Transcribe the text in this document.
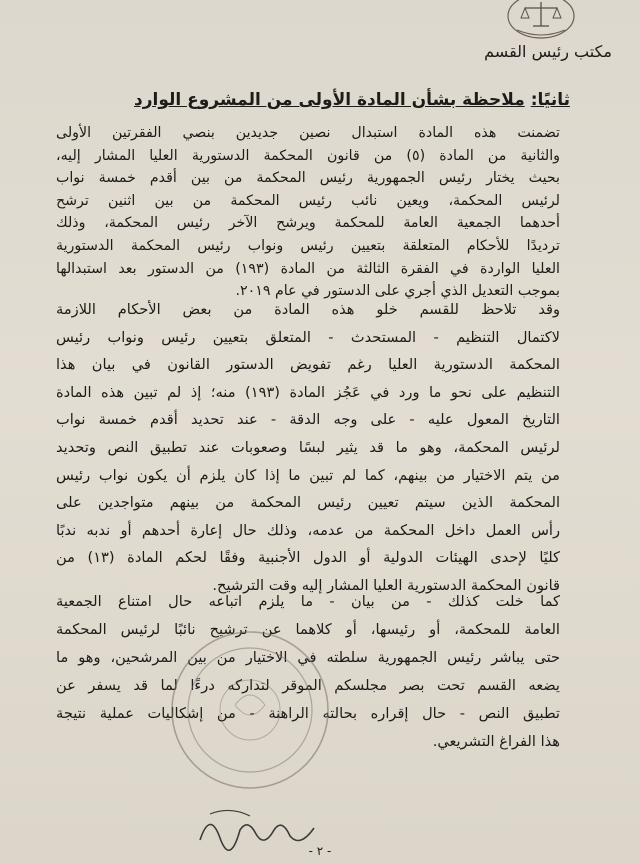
مكتب رئيس القسم
ثانيًا:
ملاحظة بشأن المادة الأولى من المشروع الوارد
تضمنت هذه المادة استبدال نصين جديدين بنصي الفقرتين الأولى
والثانية من المادة (٥) من قانون المحكمة الدستورية العليا المشار إليه،
بحيث يختار رئيس الجمهورية رئيس المحكمة من بين أقدم خمسة نواب
لرئيس المحكمة، ويعين نائب رئيس المحكمة من بين اثنين ترشح
أحدهما الجمعية العامة للمحكمة ويرشح الآخر رئيس المحكمة، وذلك
ترديدًا للأحكام المتعلقة بتعيين رئيس ونواب رئيس المحكمة الدستورية
العليا الواردة في الفقرة الثالثة من المادة (١٩٣) من الدستور بعد استبدالها
بموجب التعديل الذي أجري على الدستور في عام ٢٠١٩.
وقد تلاحظ للقسم خلو هذه المادة من بعض الأحكام اللازمة
لاكتمال التنظيم - المستحدث - المتعلق بتعيين رئيس ونواب رئيس
المحكمة الدستورية العليا رغم تفويض الدستور القانون في بيان هذا
التنظيم على نحو ما ورد في عَجُز المادة (١٩٣) منه؛ إذ لم تبين هذه المادة
التاريخ المعول عليه - على وجه الدقة - عند تحديد أقدم خمسة نواب
لرئيس المحكمة، وهو ما قد يثير لبسًا وصعوبات عند تطبيق النص وتحديد
من يتم الاختيار من بينهم، كما لم تبين ما إذا كان يلزم أن يكون نواب رئيس
المحكمة الذين سيتم تعيين رئيس المحكمة من بينهم متواجدين على
رأس العمل داخل المحكمة من عدمه، وذلك حال إعارة أحدهم أو ندبه ندبًا
كليًا لإحدى الهيئات الدولية أو الدول الأجنبية وفقًا لحكم المادة (١٣) من
قانون المحكمة الدستورية العليا المشار إليه وقت الترشيح.
كما خلت كذلك - من بيان - ما يلزم اتباعه حال امتناع الجمعية
العامة للمحكمة، أو رئيسها، أو كلاهما عن ترشيح نائبًا لرئيس المحكمة
حتى يباشر رئيس الجمهورية سلطته في الاختيار من بين المرشحين، وهو ما
يضعه القسم تحت بصر مجلسكم الموقر لتداركه درءًا لما قد يسفر عن
تطبيق النص - حال إقراره بحالته الراهنة - من إشكاليات عملية نتيجة
هذا الفراغ التشريعي.
- ٢ -
